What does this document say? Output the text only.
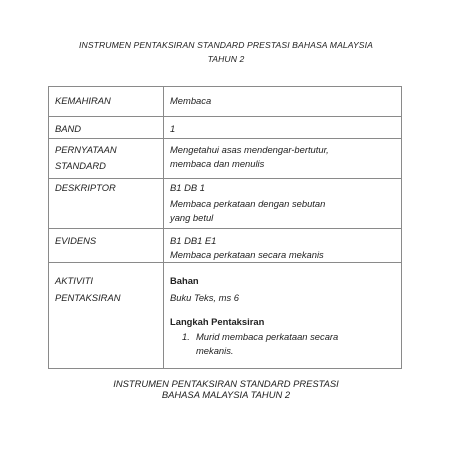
INSTRUMEN PENTAKSIRAN STANDARD PRESTASI BAHASA MALAYSIA
TAHUN 2
KEMAHIRAN	Membaca

BAND	1

PERNYATAAN
STANDARD	Mengetahui asas mendengar-bertutur,
membaca dan menulis

DESKRIPTOR	B1 DB 1
Membaca perkataan dengan sebutan
yang betul

EVIDENS	B1 DB1 E1
Membaca perkataan secara mekanis

AKTIVITI
PENTAKSIRAN	Bahan
Buku Teks, ms 6
Langkah Pentaksiran
1. Murid membaca perkataan secara
mekanis.
INSTRUMEN PENTAKSIRAN STANDARD PRESTASI
BAHASA MALAYSIA TAHUN 2
